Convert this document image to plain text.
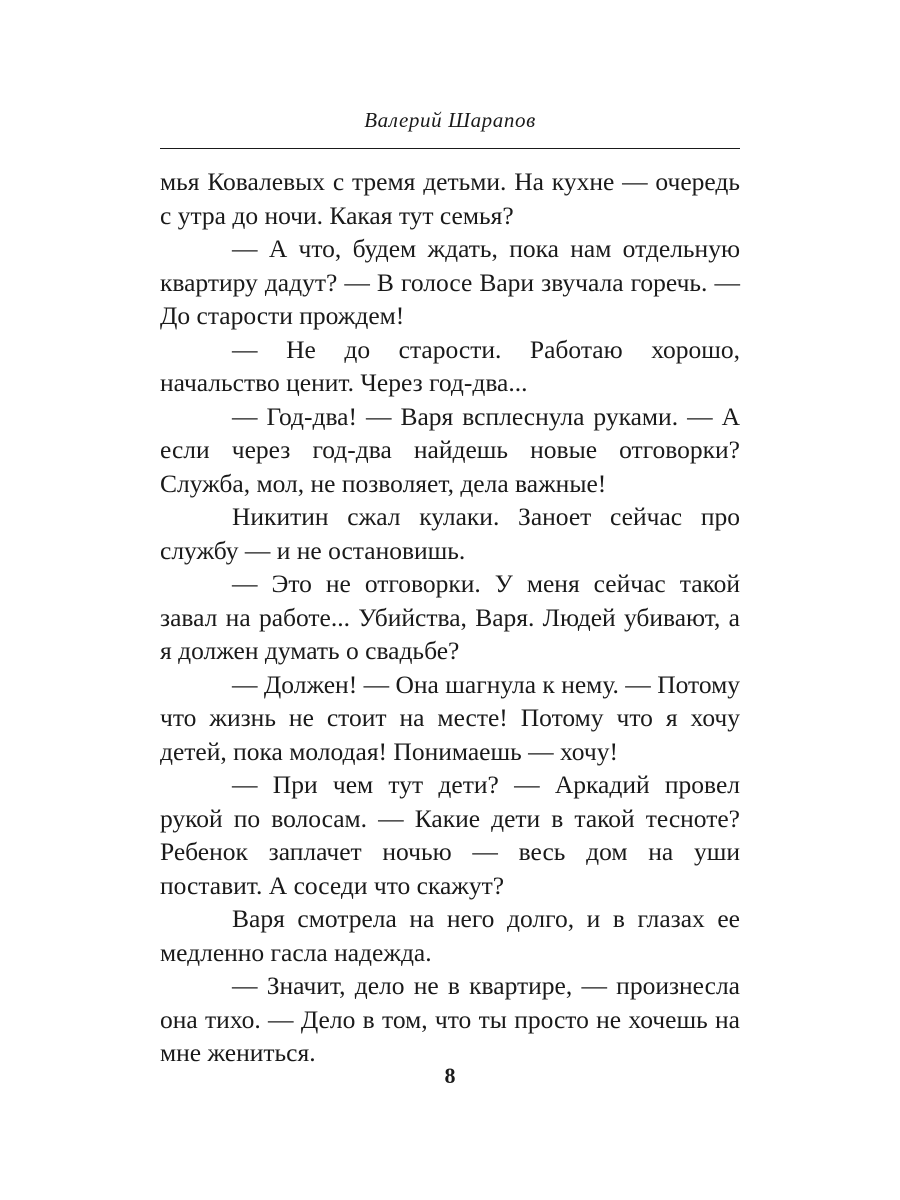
Валерий Шарапов

мья Ковалевых с тремя детьми. На кухне — очередь с утра до ночи. Какая тут семья?

— А что, будем ждать, пока нам отдельную квартиру дадут? — В голосе Вари звучала горечь. — До старости прождем!

— Не до старости. Работаю хорошо, начальство ценит. Через год-два...

— Год-два! — Варя всплеснула руками. — А если через год-два найдешь новые отговорки? Служба, мол, не позволяет, дела важные!

Никитин сжал кулаки. Заноет сейчас про службу — и не остановишь.

— Это не отговорки. У меня сейчас такой завал на работе... Убийства, Варя. Людей убивают, а я должен думать о свадьбе?

— Должен! — Она шагнула к нему. — Потому что жизнь не стоит на месте! Потому что я хочу детей, пока молодая! Понимаешь — хочу!

— При чем тут дети? — Аркадий провел рукой по волосам. — Какие дети в такой тесноте? Ребенок заплачет ночью — весь дом на уши поставит. А соседи что скажут?

Варя смотрела на него долго, и в глазах ее медленно гасла надежда.

— Значит, дело не в квартире, — произнесла она тихо. — Дело в том, что ты просто не хочешь на мне жениться.

8
